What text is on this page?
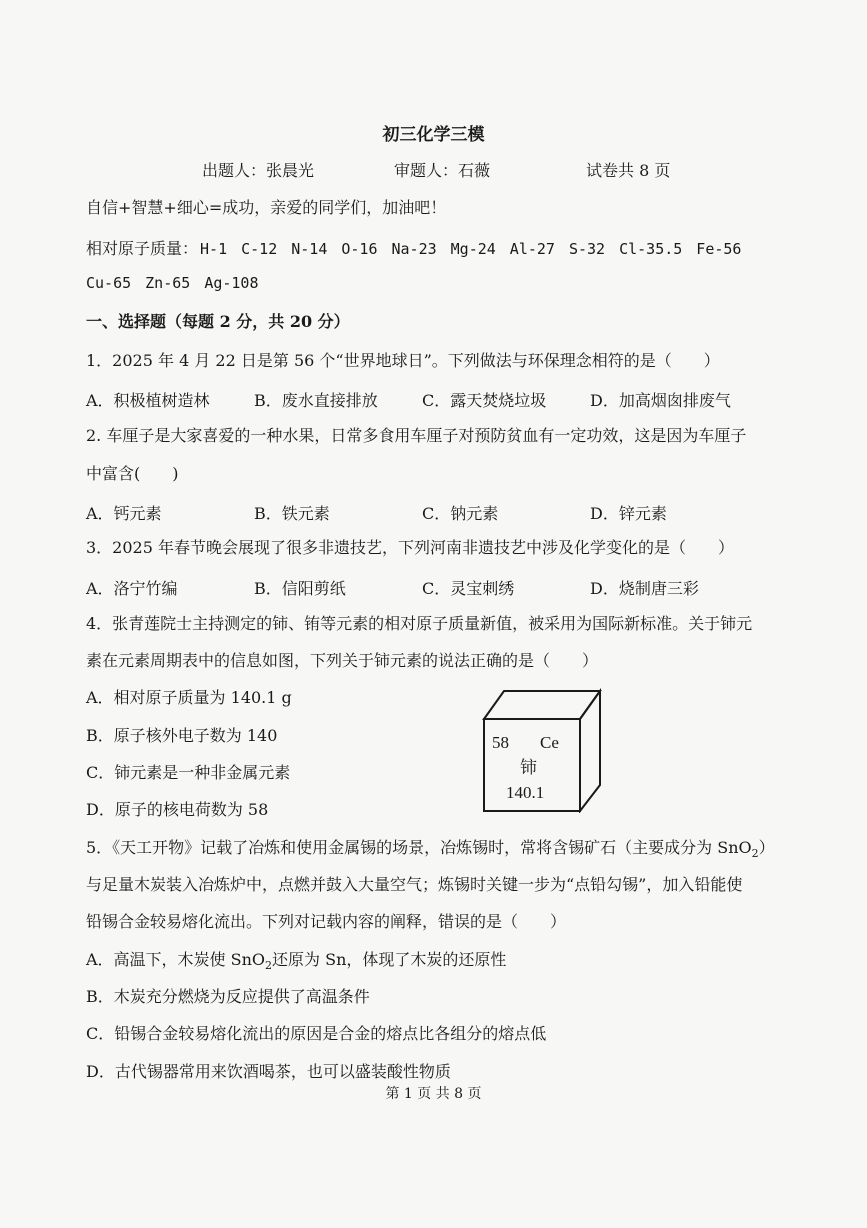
初三化学三模
出题人：张晨光	审题人：石薇	试卷共 8 页
自信+智慧+细心=成功，亲爱的同学们，加油吧！
相对原子质量： H-1 C-12 N-14 O-16 Na-23 Mg-24 Al-27 S-32 Cl-35.5 Fe-56
Cu-65 Zn-65 Ag-108
一、选择题（每题 2 分，共 20 分）
1．2025 年 4 月 22 日是第 56 个“世界地球日”。下列做法与环保理念相符的是（　　）
A．积极植树造林	B．废水直接排放	C．露天焚烧垃圾	D．加高烟囱排废气
2. 车厘子是大家喜爱的一种水果，日常多食用车厘子对预防贫血有一定功效，这是因为车厘子
中富含(　　)
A．钙元素	B．铁元素	C．钠元素	D．锌元素
3．2025 年春节晚会展现了很多非遗技艺，下列河南非遗技艺中涉及化学变化的是（　　）
A．洛宁竹编	B．信阳剪纸	C．灵宝刺绣	D．烧制唐三彩
4．张青莲院士主持测定的铈、铕等元素的相对原子质量新值，被采用为国际新标准。关于铈元
素在元素周期表中的信息如图，下列关于铈元素的说法正确的是（　　）
A．相对原子质量为 140.1 g
B．原子核外电子数为 140
C．铈元素是一种非金属元素
D．原子的核电荷数为 58
58 Ce
铈
140.1
5．《天工开物》记载了冶炼和使用金属锡的场景，冶炼锡时，常将含锡矿石（主要成分为 SnO$_2$）
与足量木炭装入冶炼炉中，点燃并鼓入大量空气；炼锡时关键一步为“点铅勾锡”，加入铅能使
铅锡合金较易熔化流出。下列对记载内容的阐释，错误的是（　　）
A．高温下，木炭使 SnO$_2$还原为 Sn，体现了木炭的还原性
B．木炭充分燃烧为反应提供了高温条件
C．铅锡合金较易熔化流出的原因是合金的熔点比各组分的熔点低
D．古代锡器常用来饮酒喝茶，也可以盛装酸性物质
第 1 页 共 8 页
